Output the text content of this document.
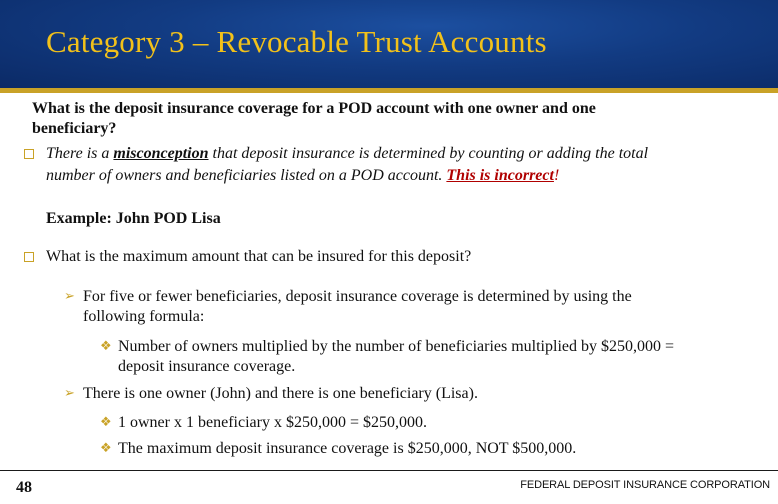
Category 3 – Revocable Trust Accounts
What is the deposit insurance coverage for a POD account with one owner and one
beneficiary?
There is a misconception that deposit insurance is determined by counting or adding the total
number of owners and beneficiaries listed on a POD account. This is incorrect!
Example: John POD Lisa
What is the maximum amount that can be insured for this deposit?
➢ For five or fewer beneficiaries, deposit insurance coverage is determined by using the
following formula:
❖ Number of owners multiplied by the number of beneficiaries multiplied by $250,000 =
deposit insurance coverage.
➢ There is one owner (John) and there is one beneficiary (Lisa).
❖ 1 owner x 1 beneficiary x $250,000 = $250,000.
❖ The maximum deposit insurance coverage is $250,000, NOT $500,000.
48	FEDERAL DEPOSIT INSURANCE CORPORATION
